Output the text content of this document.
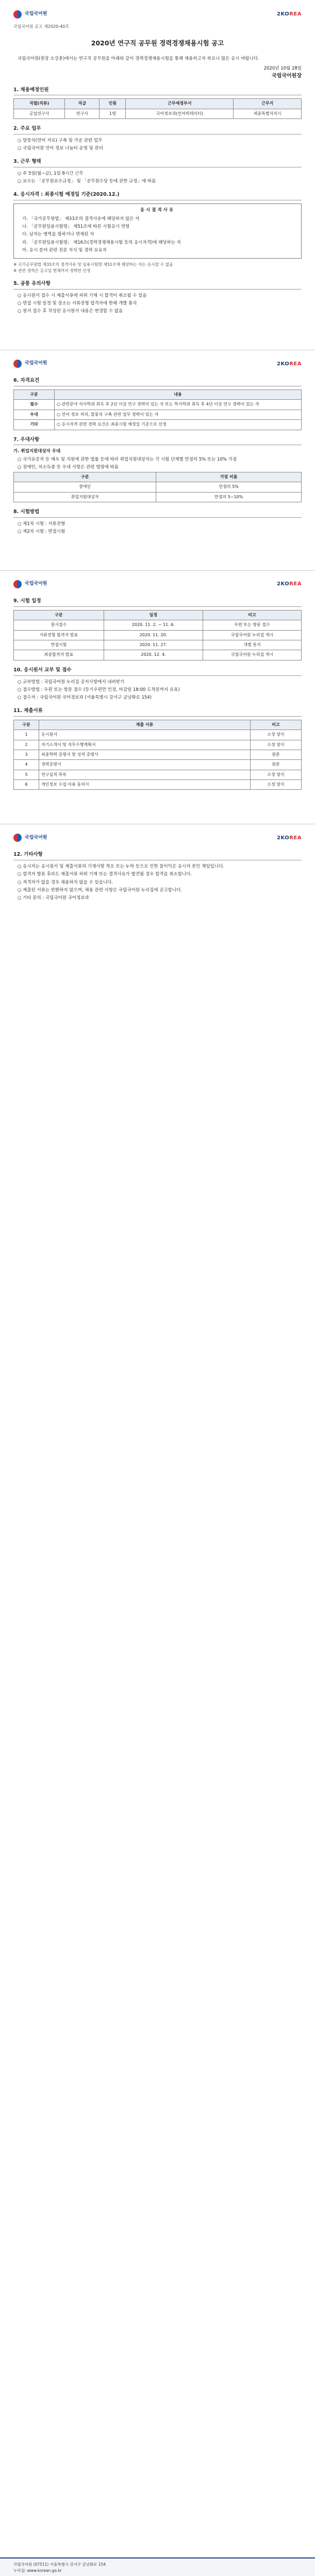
국립국어원	2KOREA
국립국어원 공고 제2020-40호
2020년 연구직 공무원 경력경쟁채용시험 공고

국립국어원(원장 소강춘)에서는 연구직 공무원을 아래와 같이 경력경쟁채용시험을 통해 채용하고자 하오니 많은 응시 바랍니다.

2020년 10월 28일
국립국어원장
1. 채용예정인원
직렬(직류)	직급	인원	근무예정부서	근무지
공업연구사	연구사	1명	국어정보과(언어빅데이터)	세종특별자치시
2. 주요 업무
○ 말뭉치(언어 자료) 구축 및 가공 관련 업무
○ 국립국어원 언어 정보 나눔터 운영 및 관리
3. 근무 형태
○ 주 5일(월~금), 1일 8시간 근무
○ 보수는 「공무원보수규정」 및 「공무원수당 등에 관한 규정」에 따름
4. 응시자격 : 최종시험 예정일 기준(2020.12.)
응시결격사유
가. 「국가공무원법」 제33조의 결격사유에 해당하지 않은 자
나. 「공무원임용시험령」 제51조에 따른 시험응시 연령
다. 남자는 병역을 필하거나 면제된 자
라. 「공무원임용시험령」 제16조(경력경쟁채용시험 등의 응시자격)에 해당하는 자
마. 응시 분야 관련 전문 지식 및 경력 보유자
※ 국가공무원법 제33조의 결격사유 및 임용시험령 제51조에 해당하는 자는 응시할 수 없음
※ 관련 경력은 공고일 현재까지 경력만 인정
5. 공통 유의사항
○ 응시원서 접수 시 제출서류에 허위 기재 시 합격이 취소될 수 있음
○ 면접 시험 일정 및 장소는 서류전형 합격자에 한해 개별 통지
○ 원서 접수 후 작성된 응시원서 내용은 변경할 수 없음
국립국어원	2KOREA
6. 자격요건
구분	내용
필수	○ 관련분야 석사학위 취득 후 2년 이상 연구 경력이 있는 자 또는 학사학위 취득 후 4년 이상 연구 경력이 있는 자
우대	○ 언어 정보 처리, 말뭉치 구축 관련 업무 경력이 있는 자
기타	○ 응시자격 관련 경력 요건은 최종시험 예정일 기준으로 산정
7. 우대사항
가. 취업지원대상자 우대
○ 국가유공자 등 예우 및 지원에 관한 법률 등에 따라 취업지원대상자는 각 시험 단계별 만점의 5% 또는 10% 가점
○ 장애인, 저소득층 등 우대 사항은 관련 법령에 따름
구분	가점 비율
장애인	만점의 5%
취업지원대상자	만점의 5~10%
8. 시험방법
○ 제1차 시험 : 서류전형
○ 제2차 시험 : 면접시험
국립국어원	2KOREA
9. 시험 일정
구분	일정	비고
원서접수	2020. 11. 2. ~ 11. 6.	우편 또는 방문 접수
서류전형 합격자 발표	2020. 11. 20.	국립국어원 누리집 게시
면접시험	2020. 11. 27.	개별 통지
최종합격자 발표	2020. 12. 4.	국립국어원 누리집 게시
10. 응시원서 교부 및 접수
○ 교부방법 : 국립국어원 누리집 공지사항에서 내려받기
○ 접수방법 : 우편 또는 방문 접수 (등기우편만 인정, 마감일 18:00 도착분까지 유효)
○ 접수처 : 국립국어원 국어정보과 (서울특별시 강서구 금낭화로 154)
11. 제출서류
구분	제출 서류	비고
1	응시원서	소정 양식
2	자기소개서 및 직무수행계획서	소정 양식
3	최종학력 증명서 및 성적 증명서	원본
4	경력증명서	원본
5	연구실적 목록	소정 양식
6	개인정보 수집·이용 동의서	소정 양식
국립국어원	2KOREA
12. 기타사항
○ 응시자는 응시원서 및 제출서류의 기재사항 착오 또는 누락 등으로 인한 불이익은 응시자 본인 책임입니다.
○ 합격자 발표 후라도 제출서류 허위 기재 또는 결격사유가 발견될 경우 합격을 취소합니다.
○ 적격자가 없을 경우 채용하지 않을 수 있습니다.
○ 제출된 서류는 반환하지 않으며, 채용 관련 사항은 국립국어원 누리집에 공고합니다.
○ 기타 문의 : 국립국어원 국어정보과
국립국어원 (07511) 서울특별시 강서구 금낭화로 154
누리집: www.korean.go.kr
